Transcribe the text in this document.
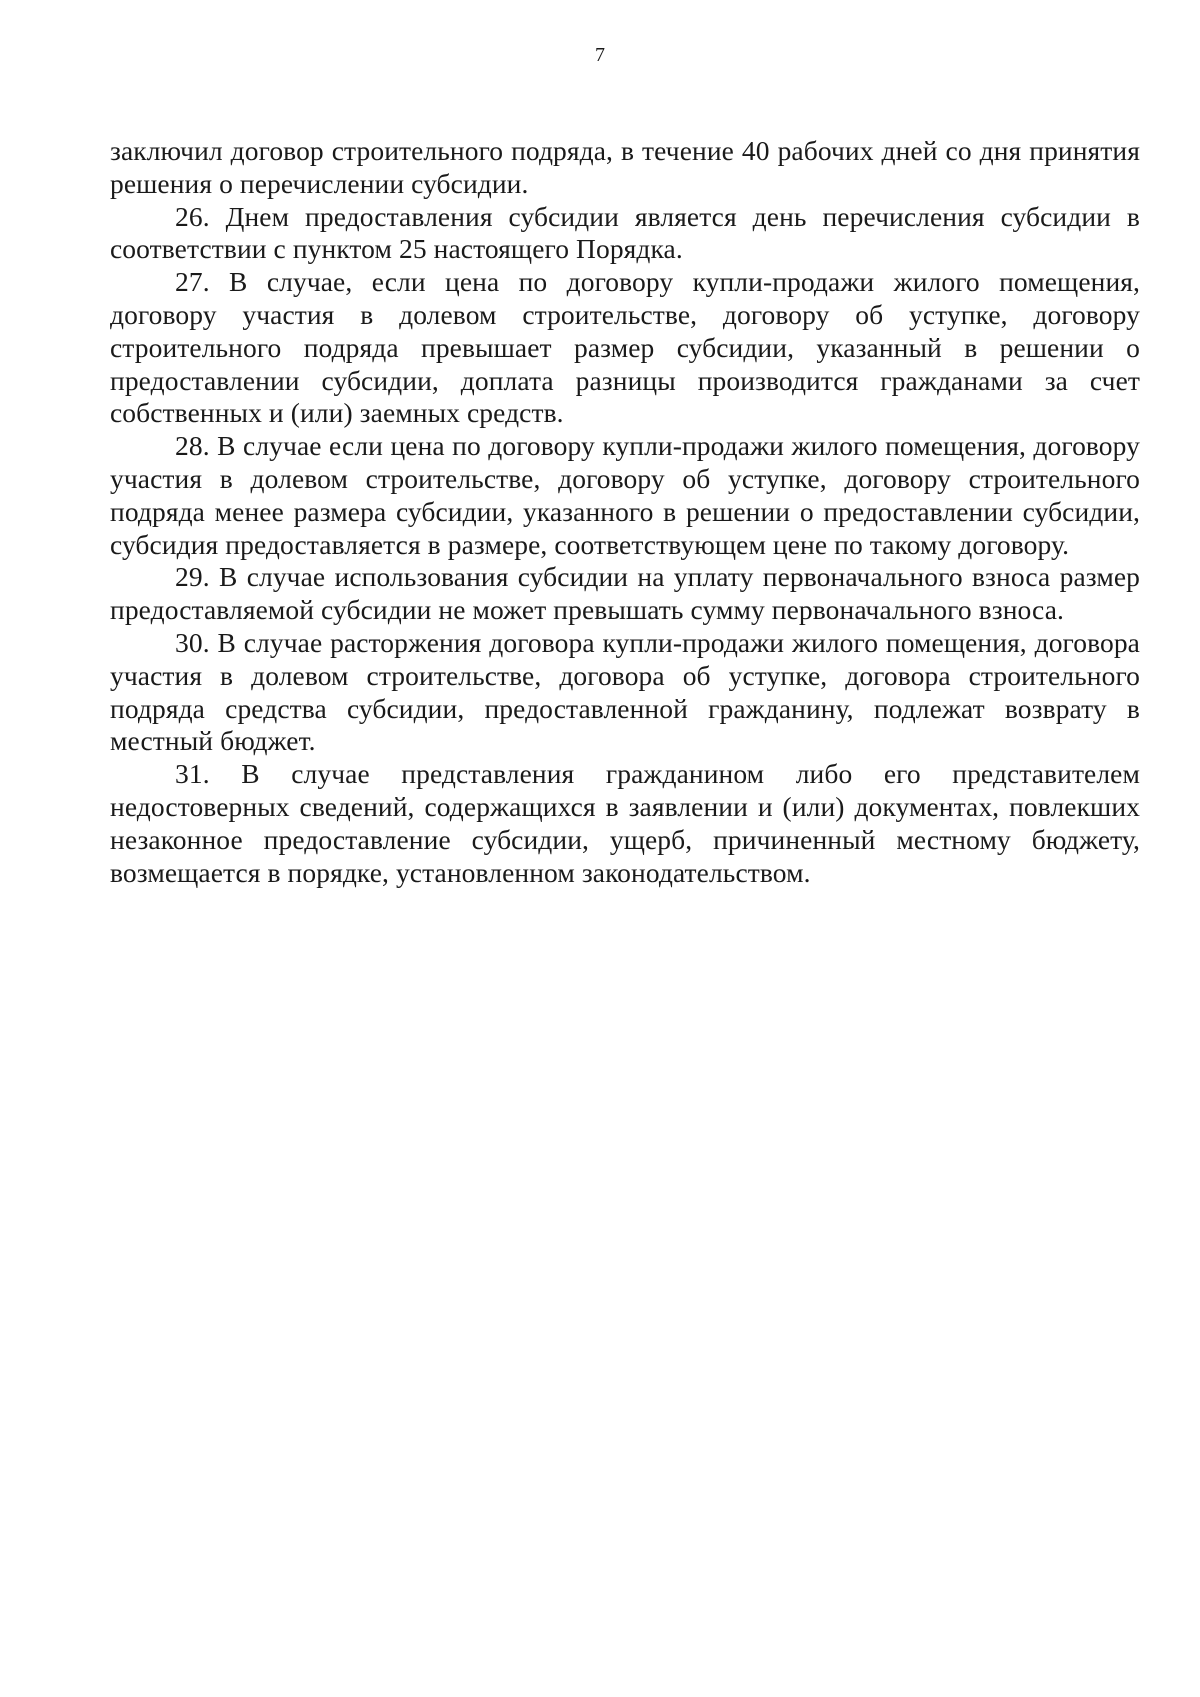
7

заключил договор строительного подряда, в течение 40 рабочих дней со дня принятия решения о перечислении субсидии.

26. Днем предоставления субсидии является день перечисления субсидии в соответствии с пунктом 25 настоящего Порядка.

27. В случае, если цена по договору купли-продажи жилого помещения, договору участия в долевом строительстве, договору об уступке, договору строительного подряда превышает размер субсидии, указанный в решении о предоставлении субсидии, доплата разницы производится гражданами за счет собственных и (или) заемных средств.

28. В случае если цена по договору купли-продажи жилого помещения, договору участия в долевом строительстве, договору об уступке, договору строительного подряда менее размера субсидии, указанного в решении о предоставлении субсидии, субсидия предоставляется в размере, соответствующем цене по такому договору.

29. В случае использования субсидии на уплату первоначального взноса размер предоставляемой субсидии не может превышать сумму первоначального взноса.

30. В случае расторжения договора купли-продажи жилого помещения, договора участия в долевом строительстве, договора об уступке, договора строительного подряда средства субсидии, предоставленной гражданину, подлежат возврату в местный бюджет.

31. В случае представления гражданином либо его представителем недостоверных сведений, содержащихся в заявлении и (или) документах, повлекших незаконное предоставление субсидии, ущерб, причиненный местному бюджету, возмещается в порядке, установленном законодательством.
